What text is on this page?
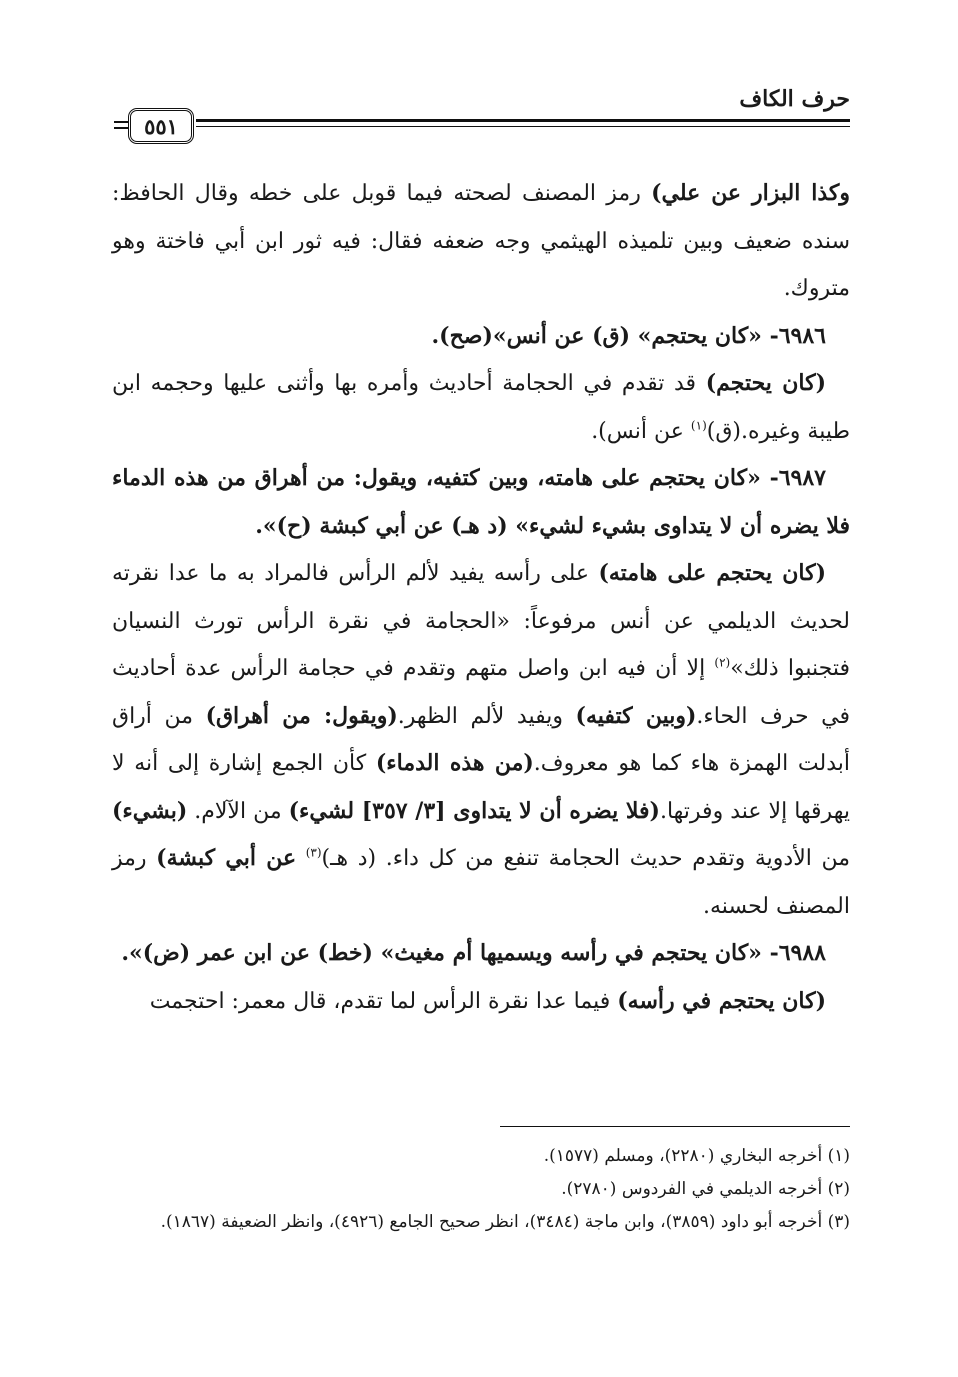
حرف الكاف
٥٥١

وكذا البزار عن علي) رمز المصنف لصحته فيما قوبل على خطه وقال الحافظ: سنده ضعيف وبين تلميذه الهيثمي وجه ضعفه فقال: فيه ثور ابن أبي فاختة وهو متروك.

٦٩٨٦- «كان يحتجم» (ق) عن أنس»(صح).

(كان يحتجم) قد تقدم في الحجامة أحاديث وأمره بها وأثنى عليها وحجمه ابن طيبة وغيره.(ق)$^{(١)}$ عن أنس).

٦٩٨٧- «كان يحتجم على هامته، وبين كتفيه، ويقول: من أهراق من هذه الدماء فلا يضره أن لا يتداوى بشيء لشيء» (د هـ) عن أبي كبشة (ح)».

(كان يحتجم على هامته) على رأسه يفيد لألم الرأس فالمراد به ما عدا نقرته لحديث الديلمي عن أنس مرفوعاً: «الحجامة في نقرة الرأس تورث النسيان فتجنبوا ذلك»$^{(٢)}$ إلا أن فيه ابن واصل متهم وتقدم في حجامة الرأس عدة أحاديث في حرف الحاء.(وبين كتفيه) ويفيد لألم الظهر.(ويقول: من أهراق) من أراق أبدلت الهمزة هاء كما هو معروف.(من هذه الدماء) كأن الجمع إشارة إلى أنه لا يهرقها إلا عند وفرتها.(فلا يضره أن لا يتداوى [٣/ ٣٥٧] لشيء) من الآلام. (بشيء) من الأدوية وتقدم حديث الحجامة تنفع من كل داء. (د هـ)$^{(٣)}$ عن أبي كبشة) رمز المصنف لحسنه.

٦٩٨٨- «كان يحتجم في رأسه ويسميها أم مغيث» (خط) عن ابن عمر (ض)».

(كان يحتجم في رأسه) فيما عدا نقرة الرأس لما تقدم، قال معمر: احتجمت

(١) أخرجه البخاري (٢٢٨٠)، ومسلم (١٥٧٧).

(٢) أخرجه الديلمي في الفردوس (٢٧٨٠).

(٣) أخرجه أبو داود (٣٨٥٩)، وابن ماجة (٣٤٨٤)، انظر صحيح الجامع (٤٩٢٦)، وانظر الضعيفة (١٨٦٧).
